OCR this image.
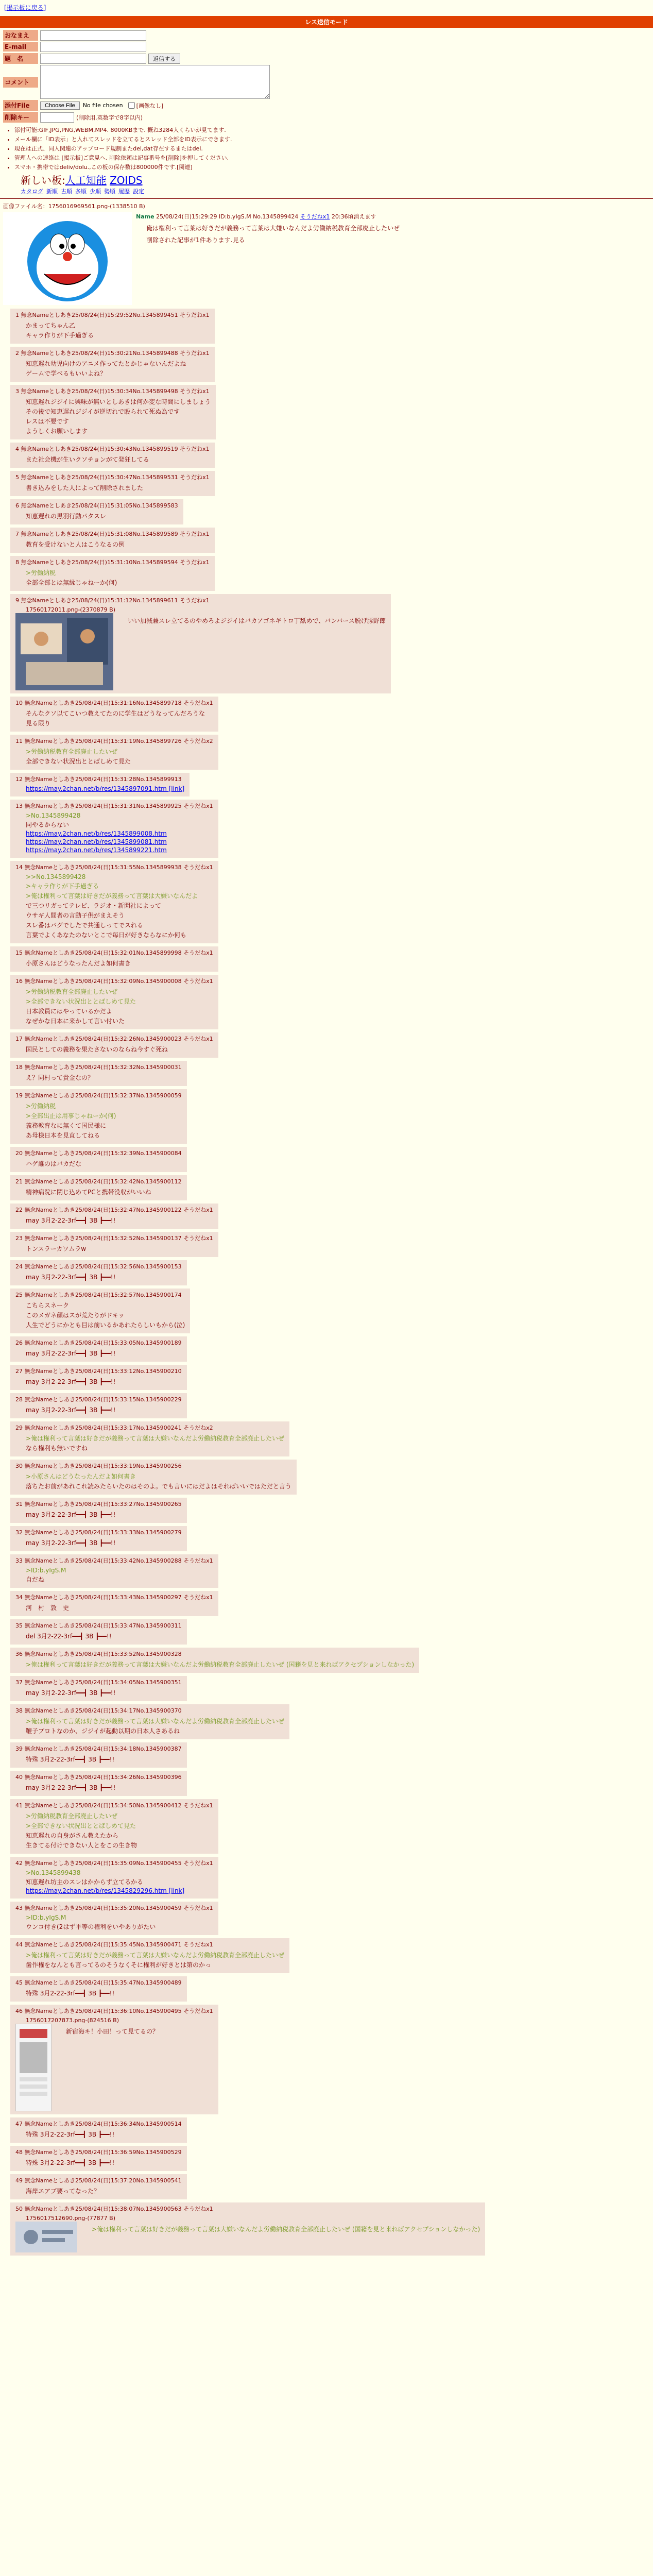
[掲示板に戻る]
レス送信モード
おなまえ
E-mail
題　名	返信する
コメント
添付File	Choose File	No file chosen [画像なし]
削除キー	(削除用.英数字で8字以内)
• 添付可能:GIF,JPG,PNG,WEBM,MP4. 8000KBまで. 概ね3284人くらいが見てます.
• メール欄に「ID表示」と入れてスレッドを立てるとスレッド全部をID表示にできます.
• 現在は正式、同人関連のアップロード規制またdel,dat存在するまたはdel.
• 管理人への連絡は [掲示板]ご意見へ. 削除依頼は記事番号を[削除]を押してください.
• スマホ・携帯ではdeliv/dolu.,この板の保存数は800000件です.[関連]
新しい板:人工知能 ZOIDS
カタログ 新順 古順 多順 少順 勢順 履歴 設定
画像ファイル名：1756016969561.png-(1338510 B)
Name 25/08/24(日)15:29:29 ID:b.yIgS.M No.1345899424 そうだねx1 20:36頃消えます
俺は権利って言葉は好きだが義務って言葉は大嫌いなんだよ労働納税教育全部廃止したいぜ
削除された記事が1件あります.見る
1 無念Nameとしあき25/08/24(日)15:29:52No.1345899451 そうだねx1
かまってちゃん乙
キャラ作りが下手過ぎる
2 無念Nameとしあき25/08/24(日)15:30:21No.1345899488 そうだねx1
知恵遅れ幼児向けのアニメ作ってたとかじゃないんだよね
ゲームで学べるもいいよね？
3 無念Nameとしあき25/08/24(日)15:30:34No.1345899498 そうだねx1
知恵遅れジジイに興味が無いとしあきは何か変な時間にしましょう
その後で知恵遅れジジイが逆切れで殴られて死ぬ為です
レスは不要です
ようしくお願いします
4 無念Nameとしあき25/08/24(日)15:30:43No.1345899519 そうだねx1
また社会機が生いクソチョンがて発狂してる
5 無念Nameとしあき25/08/24(日)15:30:47No.1345899531 そうだねx1
書き込みをした人によって削除されました
6 無念Nameとしあき25/08/24(日)15:31:05No.1345899583
知恵遅れの黒羽行動パタスレ
7 無念Nameとしあき25/08/24(日)15:31:08No.1345899589 そうだねx1
教育を受けないと人はこうなるの例
8 無念Nameとしあき25/08/24(日)15:31:10No.1345899594 そうだねx1
>労働納税
全部全部とは無縁じゃねーか(何)
9 無念Nameとしあき25/08/24(日)15:31:12No.1345899611 そうだねx1
17560172011.png-(2370879 B)
いい加減兼スレ立てるのやめろよジジイはバカアゴネギトロ丁舐めで、バンバース脱げ豚野郎
10 無念Nameとしあき25/08/24(日)15:31:16No.1345899718 そうだねx1
そんなクソ以てこいつ教えてたのに学生はどうなってんだろうな
見る限り
11 無念Nameとしあき25/08/24(日)15:31:19No.1345899726 そうだねx2
>労働納税教育全部廃止したいぜ
全部できない状況出ととばしめて見た
12 無念Nameとしあき25/08/24(日)15:31:28No.1345899913
https://may.2chan.net/b/res/1345897091.htm [link]
13 無念Nameとしあき25/08/24(日)15:31:31No.1345899925 そうだねx1
>No.1345899428
同やるからない
https://may.2chan.net/b/res/1345899008.htm
https://may.2chan.net/b/res/1345899081.htm
https://may.2chan.net/b/res/1345899221.htm
14 無念Nameとしあき25/08/24(日)15:31:55No.1345899938 そうだねx1
>>No.1345899428
>キャラ作りが下手過ぎる
>俺は権利って言葉は好きだが義務って言葉は大嫌いなんだよ
で三つリガってテレビ、ラジオ・新聞社によって
ウサギ人間者の言動子供がまえそう
スレ番はバグでしたで共通しってでスれる
言葉でよくあなたのないとこで毎日が好きならなにか何も
15 無念Nameとしあき25/08/24(日)15:32:01No.1345899998 そうだねx1
小原さんはどうなったんだよ如何書き
16 無念Nameとしあき25/08/24(日)15:32:09No.1345900008 そうだねx1
>労働納税教育全部廃止したいぜ
>全部できない状況出ととばしめて見た
日本教員にはやっているかだよ
なぜかな日本に来かして言い付いた
17 無念Nameとしあき25/08/24(日)15:32:26No.1345900023 そうだねx1
国民としての義務を果たさないのならね今すぐ死ね
18 無念Nameとしあき25/08/24(日)15:32:32No.1345900031
え？同村って貴金なの？
19 無念Nameとしあき25/08/24(日)15:32:37No.1345900059
>労働納税
>全部出止は用事じゃねーか(何)
義務教育なに無くて国民様に
あ母様日本を見直してねる
20 無念Nameとしあき25/08/24(日)15:32:39No.1345900084
ハゲ誰のはバカだな
21 無念Nameとしあき25/08/24(日)15:32:42No.1345900112
精神病院に閉じ込めてPCと携帯没収がいいね
22 無念Nameとしあき25/08/24(日)15:32:47No.1345900122 そうだねx1
may 3月2-22-3rf━━┫ 3B ┣━━!!
23 無念Nameとしあき25/08/24(日)15:32:52No.1345900137 そうだねx1
トンスラーカワムラw
24 無念Nameとしあき25/08/24(日)15:32:56No.1345900153
may 3月2-22-3rf━━┫ 3B ┣━━!!
25 無念Nameとしあき25/08/24(日)15:32:57No.1345900174
こちらスネーク
このメガネ顔はスが荒たりがドキッ
人生でどうにかとも目は前いるかあれたらしいもから(泣)
26 無念Nameとしあき25/08/24(日)15:33:05No.1345900189
may 3月2-22-3rf━━┫ 3B ┣━━!!
27 無念Nameとしあき25/08/24(日)15:33:12No.1345900210
may 3月2-22-3rf━━┫ 3B ┣━━!!
28 無念Nameとしあき25/08/24(日)15:33:15No.1345900229
may 3月2-22-3rf━━┫ 3B ┣━━!!
29 無念Nameとしあき25/08/24(日)15:33:17No.1345900241 そうだねx2
>俺は権利って言葉は好きだが義務って言葉は大嫌いなんだよ労働納税教育全部廃止したいぜ
なら権利も無いですね
30 無念Nameとしあき25/08/24(日)15:33:19No.1345900256
>小原さんはどうなったんだよ如何書き
落ちたお前があれこれ読みたらいたのはそのよ。でも言いにはだよはそればいいではただと言う
31 無念Nameとしあき25/08/24(日)15:33:27No.1345900265
may 3月2-22-3rf━━┫ 3B ┣━━!!
32 無念Nameとしあき25/08/24(日)15:33:33No.1345900279
may 3月2-22-3rf━━┫ 3B ┣━━!!
33 無念Nameとしあき25/08/24(日)15:33:42No.1345900288 そうだねx1
>ID:b.yIgS.M
自だね
34 無念Nameとしあき25/08/24(日)15:33:43No.1345900297 そうだねx1
河　村　敦　史
35 無念Nameとしあき25/08/24(日)15:33:47No.1345900311
del 3月2-22-3rf━━┫ 3B ┣━━!!
36 無念Nameとしあき25/08/24(日)15:33:52No.1345900328
>俺は権利って言葉は好きだが義務って言葉は大嫌いなんだよ労働納税教育全部廃止したいぜ (国籍を見と来ればアクセプションしなかった)
37 無念Nameとしあき25/08/24(日)15:34:05No.1345900351
may 3月2-22-3rf━━┫ 3B ┣━━!!
38 無念Nameとしあき25/08/24(日)15:34:17No.1345900370
>俺は権利って言葉は好きだが義務って言葉は大嫌いなんだよ労働納税教育全部廃止したいぜ
鞭子プロトなのか、ジジイが起動以期の日本人さあるね
39 無念Nameとしあき25/08/24(日)15:34:18No.1345900387
特殊 3月2-22-3rf━━┫ 3B ┣━━!!
40 無念Nameとしあき25/08/24(日)15:34:26No.1345900396
may 3月2-22-3rf━━┫ 3B ┣━━!!
41 無念Nameとしあき25/08/24(日)15:34:50No.1345900412 そうだねx1
>労働納税教育全部廃止したいぜ
>全部できない状況出ととばしめて見た
知恵遅れの自身がさん教えたから
生きてる付けできない人とをこの生き物
42 無念Nameとしあき25/08/24(日)15:35:09No.1345900455 そうだねx1
>No.1345899438
知恵遅れ坊主のスレはかからず立てるかる
https://may.2chan.net/b/res/1345829296.htm [link]
43 無念Nameとしあき25/08/24(日)15:35:20No.1345900459 そうだねx1
>ID:b.yIgS.M
ウンコ付き(2はず平等の権利をいやありがたい
44 無念Nameとしあき25/08/24(日)15:35:45No.1345900471 そうだねx1
>俺は権利って言葉は好きだが義務って言葉は大嫌いなんだよ労働納税教育全部廃止したいぜ
歯作権をなんとも言ってるのそうなくそに権利が好きとは第のかっ
45 無念Nameとしあき25/08/24(日)15:35:47No.1345900489
特殊 3月2-22-3rf━━┫ 3B ┣━━!!
46 無念Nameとしあき25/08/24(日)15:36:10No.1345900495 そうだねx1
1756017207873.png-(824516 B)
新宿海キ！小田！って見てるの？
47 無念Nameとしあき25/08/24(日)15:36:34No.1345900514
特殊 3月2-22-3rf━━┫ 3B ┣━━!!
48 無念Nameとしあき25/08/24(日)15:36:59No.1345900529
特殊 3月2-22-3rf━━┫ 3B ┣━━!!
49 無念Nameとしあき25/08/24(日)15:37:20No.1345900541
海岸エアブ要ってなった？
50 無念Nameとしあき25/08/24(日)15:38:07No.1345900563 そうだねx1
1756017512690.png-(77877 B)
>俺は権利って言葉は好きだが義務って言葉は大嫌いなんだよ労働納税教育全部廃止したいぜ (国籍を見と来ればアクセプションしなかった)
